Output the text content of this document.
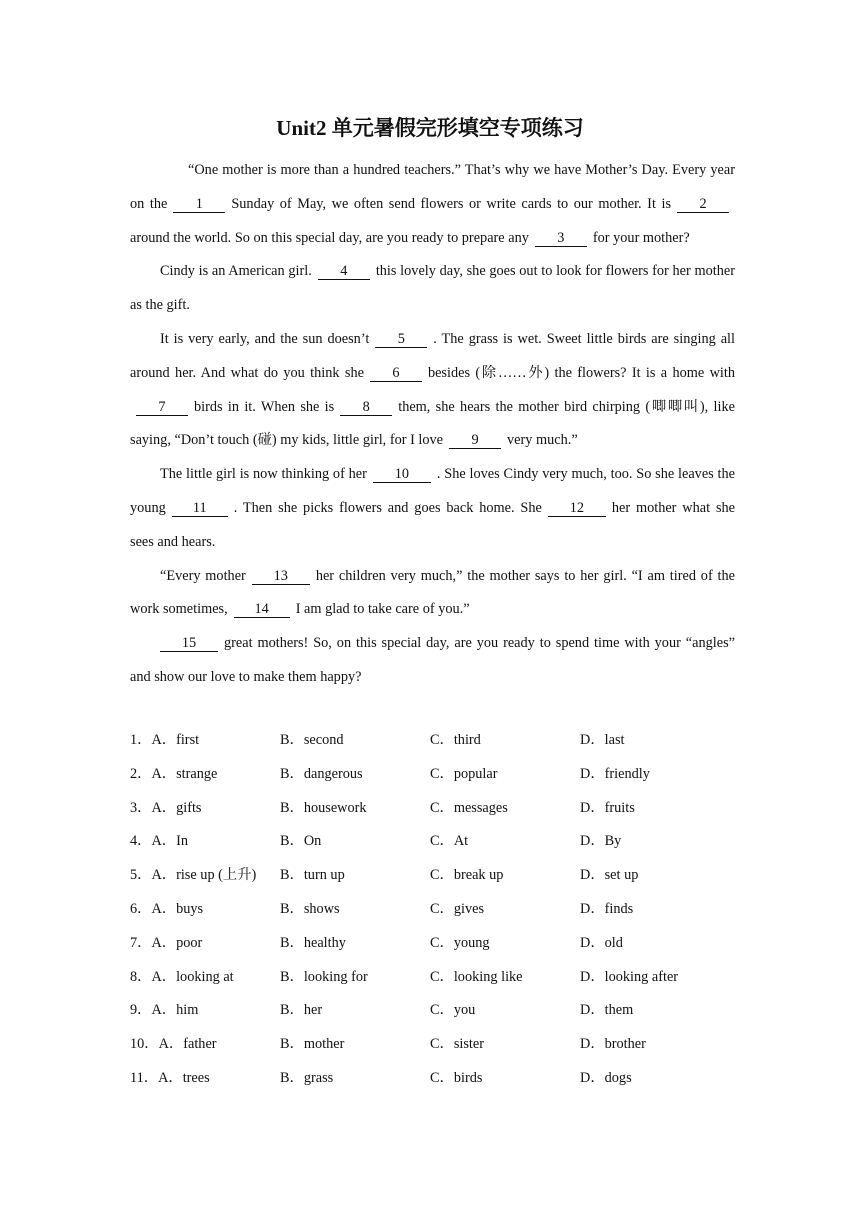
Unit2 单元暑假完形填空专项练习

“One mother is more than a hundred teachers.” That’s why we have Mother’s Day. Every year on the 1 Sunday of May, we often send flowers or write cards to our mother. It is 2around the world. So on this special day, are you ready to prepare any 3 for your mother?

Cindy is an American girl. 4 this lovely day, she goes out to look for flowers for her mother as the gift.

It is very early, and the sun doesn’t 5 . The grass is wet. Sweet little birds are singing all around her. And what do you think she 6 besides (除……外) the flowers? It is a home with7 birds in it. When she is 8 them, she hears the mother bird chirping (唧唧叫), like saying, “Don’t touch (碰) my kids, little girl, for I love 9 very much.”

The little girl is now thinking of her 10 . She loves Cindy very much, too. So she leaves the young 11 . Then she picks flowers and goes back home. She 12 her mother what she sees and hears.

“Every mother 13 her children very much,” the mother says to her girl. “I am tired of the work sometimes, 14 I am glad to take care of you.”

15 great mothers! So, on this special day, are you ready to spend time with your “angles” and show our love to make them happy?

1．A．first	B．second	C．third	D．last
2．A．strange	B．dangerous	C．popular	D．friendly
3．A．gifts	B．housework	C．messages	D．fruits
4．A．In	B．On	C．At	D．By
5．A．rise up (上升) B．turn up	C．break up	D．set up
6．A．buys	B．shows	C．gives	D．finds
7．A．poor	B．healthy	C．young	D．old
8．A．looking at	B．looking for	C．looking like	D．looking after
9．A．him	B．her	C．you	D．them
10．A．father	B．mother	C．sister	D．brother
11．A．trees	B．grass	C．birds	D．dogs
